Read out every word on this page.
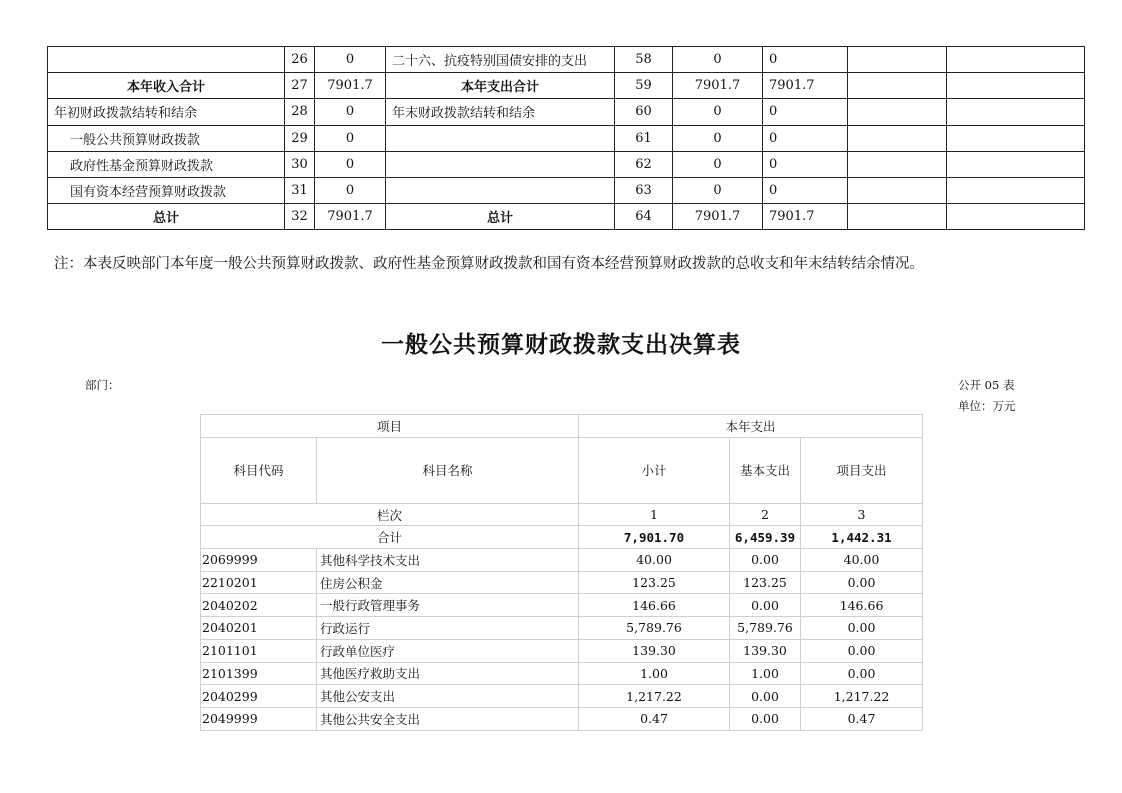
	26	0	二十六、抗疫特别国债安排的支出	58	0	0		
本年收入合计	27	7901.7	本年支出合计	59	7901.7	7901.7		
年初财政拨款结转和结余	28	0	年末财政拨款结转和结余	60	0	0		
一般公共预算财政拨款	29	0		61	0	0		
政府性基金预算财政拨款	30	0		62	0	0		
国有资本经营预算财政拨款	31	0		63	0	0		
总计	32	7901.7	总计	64	7901.7	7901.7		
注：本表反映部门本年度一般公共预算财政拨款、政府性基金预算财政拨款和国有资本经营预算财政拨款的总收支和年末结转结余情况。
一般公共预算财政拨款支出决算表
部门：	公开 05 表
单位：万元
项目		本年支出		
科目代码	科目名称	小计	基本支出	项目支出
栏次		1	2	3
合计		7,901.70	6,459.39	1,442.31
2069999	其他科学技术支出	40.00	0.00	40.00
2210201	住房公积金	123.25	123.25	0.00
2040202	一般行政管理事务	146.66	0.00	146.66
2040201	行政运行	5,789.76	5,789.76	0.00
2101101	行政单位医疗	139.30	139.30	0.00
2101399	其他医疗救助支出	1.00	1.00	0.00
2040299	其他公安支出	1,217.22	0.00	1,217.22
2049999	其他公共安全支出	0.47	0.00	0.47
